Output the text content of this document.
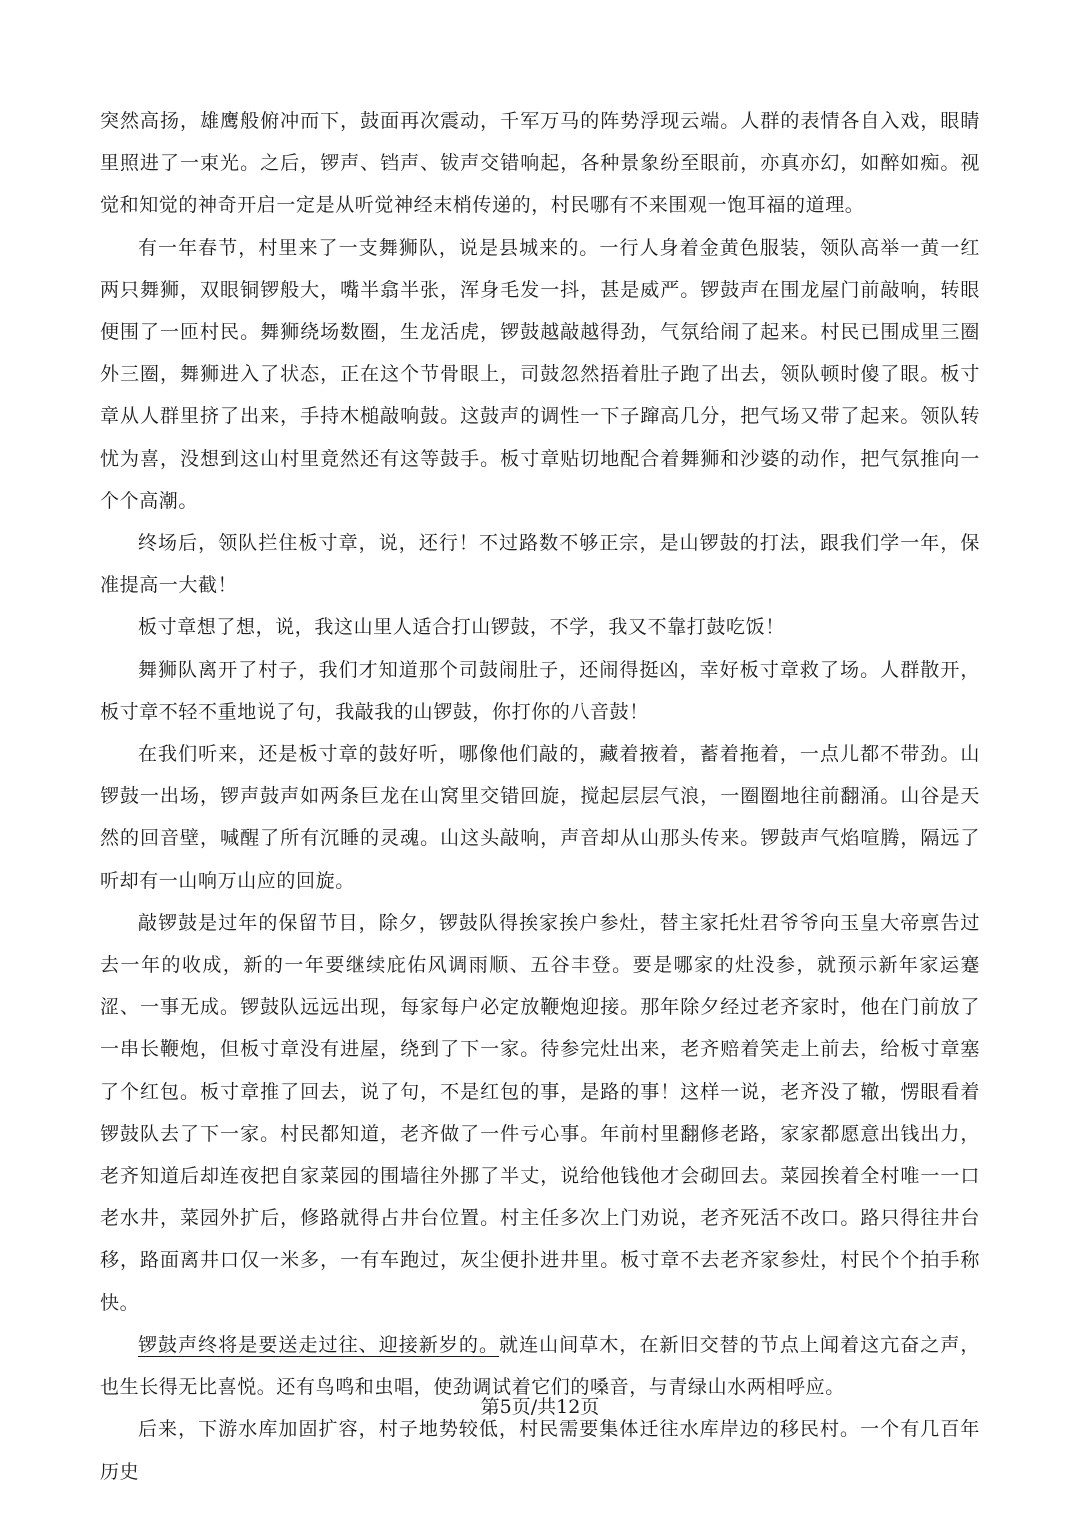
突然高扬，雄鹰般俯冲而下，鼓面再次震动，千军万马的阵势浮现云端。人群的表情各自入戏，眼睛里照进了一束光。之后，锣声、铛声、钹声交错响起，各种景象纷至眼前，亦真亦幻，如醉如痴。视觉和知觉的神奇开启一定是从听觉神经末梢传递的，村民哪有不来围观一饱耳福的道理。

有一年春节，村里来了一支舞狮队，说是县城来的。一行人身着金黄色服装，领队高举一黄一红两只舞狮，双眼铜锣般大，嘴半翕半张，浑身毛发一抖，甚是威严。锣鼓声在围龙屋门前敲响，转眼便围了一匝村民。舞狮绕场数圈，生龙活虎，锣鼓越敲越得劲，气氛给闹了起来。村民已围成里三圈外三圈，舞狮进入了状态，正在这个节骨眼上，司鼓忽然捂着肚子跑了出去，领队顿时傻了眼。板寸章从人群里挤了出来，手持木槌敲响鼓。这鼓声的调性一下子蹿高几分，把气场又带了起来。领队转忧为喜，没想到这山村里竟然还有这等鼓手。板寸章贴切地配合着舞狮和沙婆的动作，把气氛推向一个个高潮。

终场后，领队拦住板寸章，说，还行！不过路数不够正宗，是山锣鼓的打法，跟我们学一年，保准提高一大截！

板寸章想了想，说，我这山里人适合打山锣鼓，不学，我又不靠打鼓吃饭！

舞狮队离开了村子，我们才知道那个司鼓闹肚子，还闹得挺凶，幸好板寸章救了场。人群散开，板寸章不轻不重地说了句，我敲我的山锣鼓，你打你的八音鼓！

在我们听来，还是板寸章的鼓好听，哪像他们敲的，藏着掖着，蓄着拖着，一点儿都不带劲。山锣鼓一出场，锣声鼓声如两条巨龙在山窝里交错回旋，搅起层层气浪，一圈圈地往前翻涌。山谷是天然的回音壁，喊醒了所有沉睡的灵魂。山这头敲响，声音却从山那头传来。锣鼓声气焰喧腾，隔远了听却有一山响万山应的回旋。

敲锣鼓是过年的保留节目，除夕，锣鼓队得挨家挨户参灶，替主家托灶君爷爷向玉皇大帝禀告过去一年的收成，新的一年要继续庇佑风调雨顺、五谷丰登。要是哪家的灶没参，就预示新年家运蹇涩、一事无成。锣鼓队远远出现，每家每户必定放鞭炮迎接。那年除夕经过老齐家时，他在门前放了一串长鞭炮，但板寸章没有进屋，绕到了下一家。待参完灶出来，老齐赔着笑走上前去，给板寸章塞了个红包。板寸章推了回去，说了句，不是红包的事，是路的事！这样一说，老齐没了辙，愣眼看着锣鼓队去了下一家。村民都知道，老齐做了一件亏心事。年前村里翻修老路，家家都愿意出钱出力，老齐知道后却连夜把自家菜园的围墙往外挪了半丈，说给他钱他才会砌回去。菜园挨着全村唯一一口老水井，菜园外扩后，修路就得占井台位置。村主任多次上门劝说，老齐死活不改口。路只得往井台移，路面离井口仅一米多，一有车跑过，灰尘便扑进井里。板寸章不去老齐家参灶，村民个个拍手称快。

锣鼓声终将是要送走过往、迎接新岁的。就连山间草木，在新旧交替的节点上闻着这亢奋之声，也生长得无比喜悦。还有鸟鸣和虫唱，使劲调试着它们的嗓音，与青绿山水两相呼应。

后来，下游水库加固扩容，村子地势较低，村民需要集体迁往水库岸边的移民村。一个有几百年历史

第5页/共12页
